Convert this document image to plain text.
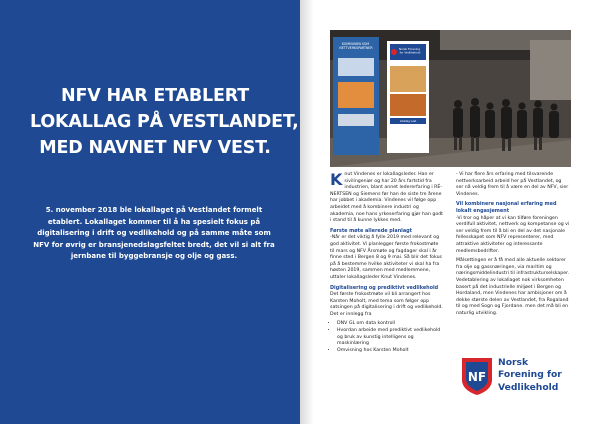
NFV HAR ETABLERT
LOKALLAG PÅ VESTLANDET,
MED NAVNET NFV VEST.
5. november 2018 ble lokallaget på Vestlandet formelt etablert. Lokallaget kommer til å ha spesielt fokus på digitalisering i drift og vedlikehold og på samme måte som NFV for øvrig er bransjenedslagsfeltet bredt, det vil si alt fra jernbane til byggebransje og olje og gass.
KOMMUNEN SOM NETTVERKSPARTNER	Norsk Forening for Vedlikehold
lokallag vest

Knut Vindenes er lokallagsleder. Han er sivilingeniør og har 20 års fartstid fra industrien, blant annet ledererfaring i RÉ-NERTSEN og Siemens før han de siste tre årene har jobbet i akademia. Vindenes vil følge opp arbeidet med å kombinere industri og akademia, noe hans yrkeserfaring gjør han godt i stand til å kunne lykkes med.

Første møte allerede planlagt

-Når er det viktig å fylle 2019 med relevant og god aktivitet. Vi planlegger første frokostmøte til mars og NFV Årsmøte og fagdager skal i år finne sted i Bergen 8 og 9 mai. Så blir det fokus på å bestemme hvilke aktiviteter vi skal ha fra høsten 2019, sammen med medlemmene, uttaler lokallagsleder Knut Vindenes.

Digitalisering og prediktivt vedlikehold

Det første frokostmøte vil bli arrangert hos Karsten Moholt, med tema som følger opp satsingen på digitalisering i drift og vedlikehold. Det er innlegg fra

• DNV GL om data kontroll
• Hvordan arbeide med prediktivt vedlikehold og bruk av kunstig intelligens og maskinlæring
• Omvisning hos Karsten Moholt

- Vi har flere års erfaring med tilsvarende nettverksarbeid arbeid her på Vestlandet, og ser nå veldig frem til å være en del av NFV, sier Vindenes.

Vil kombinere nasjonal erfaring med lokalt engasjement

-Vi tror og håper at vi kan tilføre foreningen verdifull aktivitet, nettverk og kompetanse og vi ser veldig frem til å bli en del av det nasjonale fellesskapet som NFV representerer, med attraktive aktiviteter og interessante medlemsbedrifter.

Målsettingen er å få med alle aktuelle sektorer fra olje og gassnæringen, via maritim og næringsmiddelindustri til infrastrukturselskaper. Vedetablering av lokallaget nok virksomheten basert på det industrielle miljøet i Bergen og Hordaland, men Vindenes har ambisjoner om å dekke største delen av Vestlandet, fra Rogaland til og med Sogn og Fjordane. men det må bli en naturlig utvikling.

NF
Norsk
Forening for
Vedlikehold
